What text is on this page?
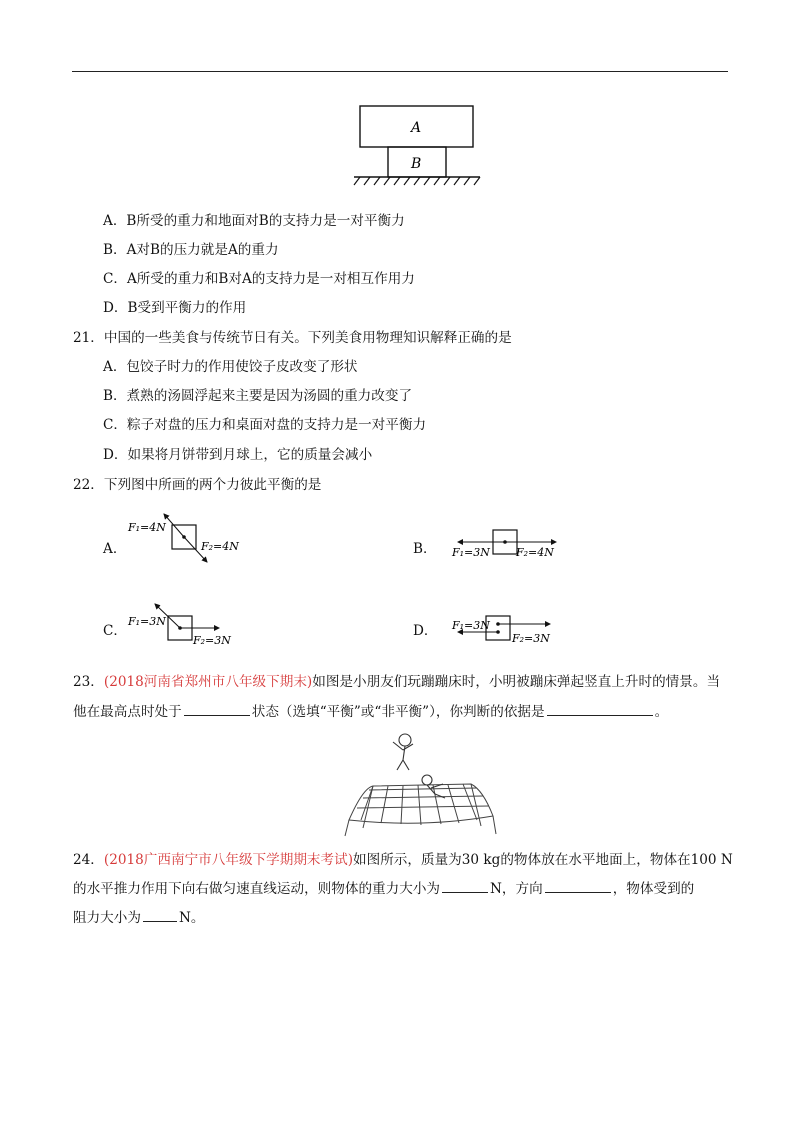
A
B
A．B所受的重力和地面对B的支持力是一对平衡力
B．A对B的压力就是A的重力
C．A所受的重力和B对A的支持力是一对相互作用力
D．B受到平衡力的作用
21．中国的一些美食与传统节日有关。下列美食用物理知识解释正确的是
A．包饺子时力的作用使饺子皮改变了形状
B．煮熟的汤圆浮起来主要是因为汤圆的重力改变了
C．粽子对盘的压力和桌面对盘的支持力是一对平衡力
D．如果将月饼带到月球上，它的质量会减小
22．下列图中所画的两个力彼此平衡的是
A．	B．
C．	D．
F₁=4N
F₂=4N	F₁=3N F₂=4N
F₁=3N
F₂=3N
F₁=3N
F₂=3N
23．(2018河南省郑州市八年级下期末)如图是小朋友们玩蹦蹦床时，小明被蹦床弹起竖直上升时的情景。当
他在最高点时处于	状态（选填“平衡”或“非平衡”），你判断的依据是	。
24．(2018广西南宁市八年级下学期期末考试)如图所示，质量为30 kg的物体放在水平地面上，物体在100 N
的水平推力作用下向右做匀速直线运动，则物体的重力大小为	N，方向	，物体受到的
阻力大小为	N。
